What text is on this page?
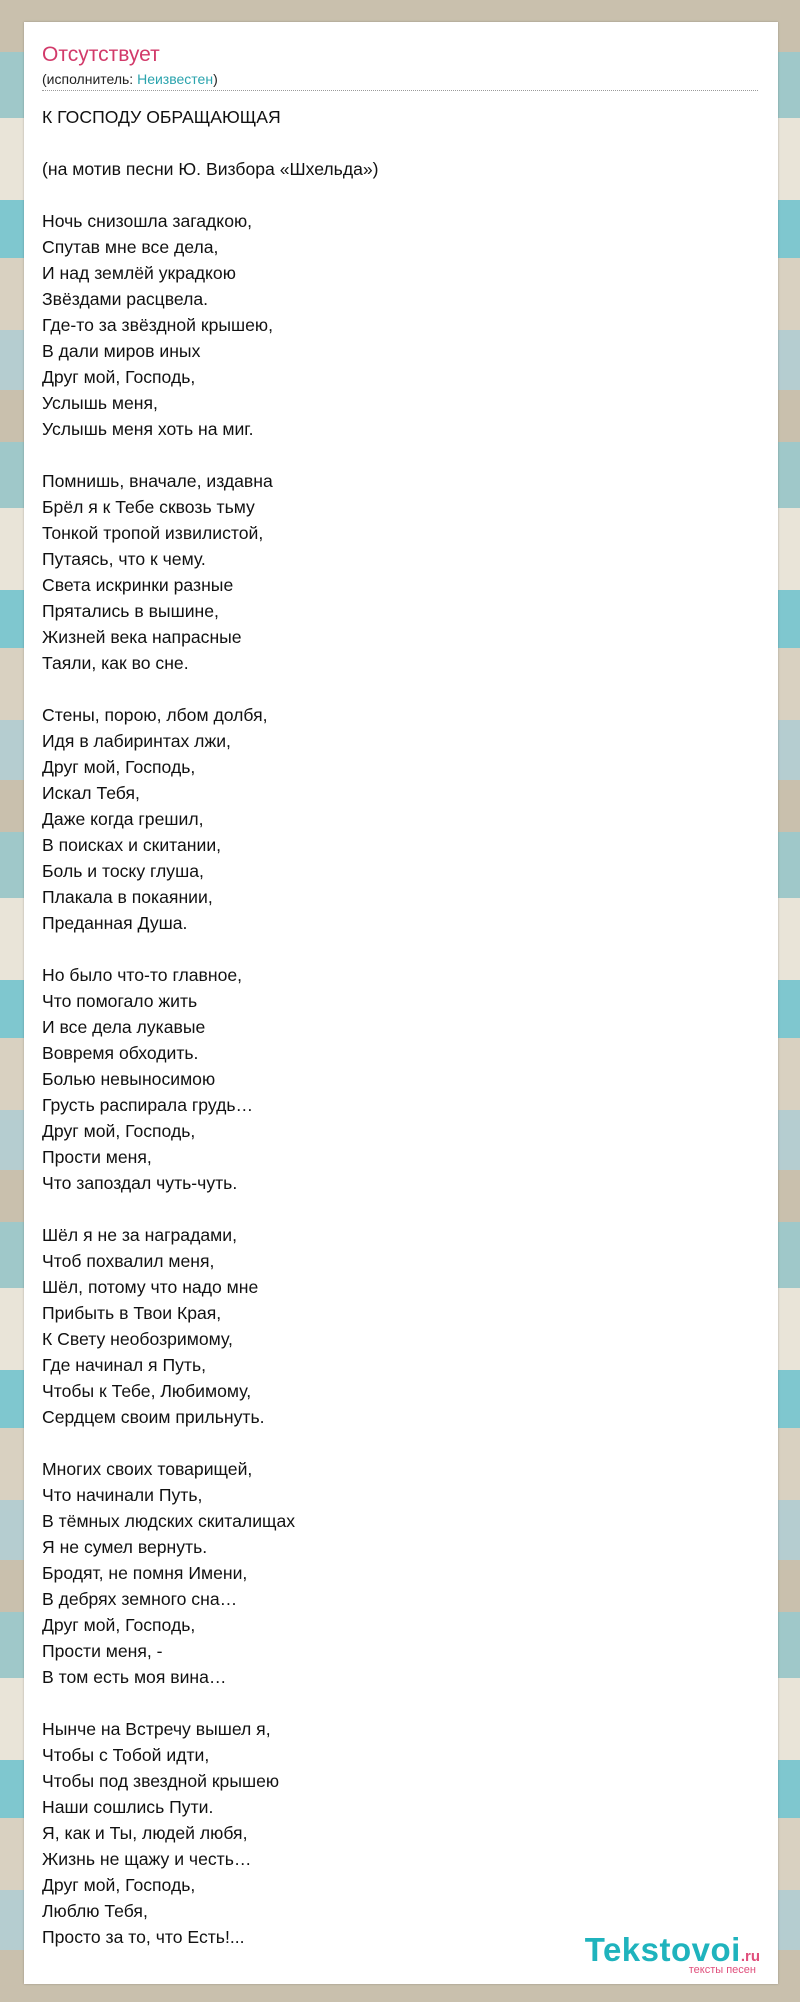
Отсутствует
(исполнитель: Неизвестен)
К ГОСПОДУ ОБРАЩАЮЩАЯ
(на мотив песни Ю. Визбора «Шхельда»)
Ночь снизошла загадкою,
Спутав мне все дела,
И над землёй украдкою
Звёздами расцвела.
Где-то за звёздной крышею,
В дали миров иных
Друг мой, Господь,
Услышь меня,
Услышь меня хоть на миг.
Помнишь, вначале, издавна
Брёл я к Тебе сквозь тьму
Тонкой тропой извилистой,
Путаясь, что к чему.
Света искринки разные
Прятались в вышине,
Жизней века напрасные
Таяли, как во сне.
Стены, порою, лбом долбя,
Идя в лабиринтах лжи,
Друг мой, Господь,
Искал Тебя,
Даже когда грешил,
В поисках и скитании,
Боль и тоску глуша,
Плакала в покаянии,
Преданная Душа.
Но было что-то главное,
Что помогало жить
И все дела лукавые
Вовремя обходить.
Болью невыносимою
Грусть распирала грудь…
Друг мой, Господь,
Прости меня,
Что запоздал чуть-чуть.
Шёл я не за наградами,
Чтоб похвалил меня,
Шёл, потому что надо мне
Прибыть в Твои Края,
К Свету необозримому,
Где начинал я Путь,
Чтобы к Тебе, Любимому,
Сердцем своим прильнуть.
Многих своих товарищей,
Что начинали Путь,
В тёмных людских скиталищах
Я не сумел вернуть.
Бродят, не помня Имени,
В дебрях земного сна…
Друг мой, Господь,
Прости меня, -
В том есть моя вина…
Нынче на Встречу вышел я,
Чтобы с Тобой идти,
Чтобы под звездной крышею
Наши сошлись Пути.
Я, как и Ты, людей любя,
Жизнь не щажу и честь…
Друг мой, Господь,
Люблю Тебя,
Просто за то, что Есть!...	Tekstovoi.ru
тексты песен
